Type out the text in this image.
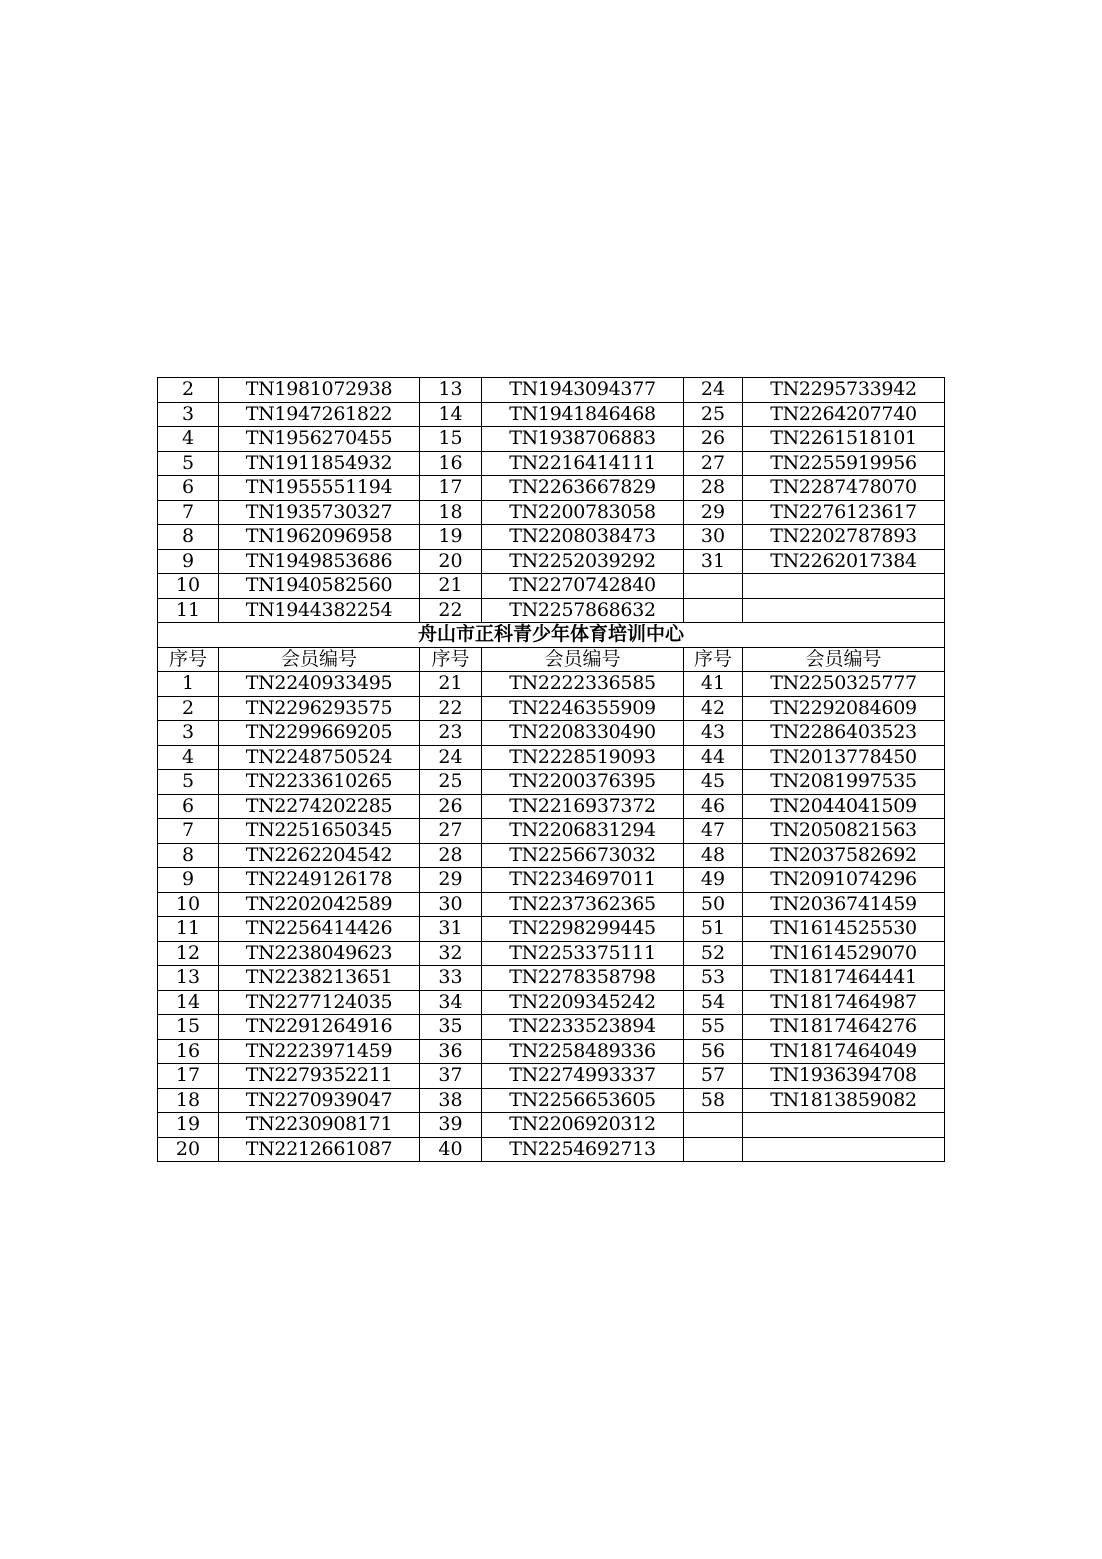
2	TN1981072938	13	TN1943094377	24	TN2295733942
3	TN1947261822	14	TN1941846468	25	TN2264207740
4	TN1956270455	15	TN1938706883	26	TN2261518101
5	TN1911854932	16	TN2216414111	27	TN2255919956
6	TN1955551194	17	TN2263667829	28	TN2287478070
7	TN1935730327	18	TN2200783058	29	TN2276123617
8	TN1962096958	19	TN2208038473	30	TN2202787893
9	TN1949853686	20	TN2252039292	31	TN2262017384
10	TN1940582560	21	TN2270742840		
11	TN1944382254	22	TN2257868632		
舟山市正科青少年体育培训中心					
序号	会员编号	序号	会员编号	序号	会员编号
1	TN2240933495	21	TN2222336585	41	TN2250325777
2	TN2296293575	22	TN2246355909	42	TN2292084609
3	TN2299669205	23	TN2208330490	43	TN2286403523
4	TN2248750524	24	TN2228519093	44	TN2013778450
5	TN2233610265	25	TN2200376395	45	TN2081997535
6	TN2274202285	26	TN2216937372	46	TN2044041509
7	TN2251650345	27	TN2206831294	47	TN2050821563
8	TN2262204542	28	TN2256673032	48	TN2037582692
9	TN2249126178	29	TN2234697011	49	TN2091074296
10	TN2202042589	30	TN2237362365	50	TN2036741459
11	TN2256414426	31	TN2298299445	51	TN1614525530
12	TN2238049623	32	TN2253375111	52	TN1614529070
13	TN2238213651	33	TN2278358798	53	TN1817464441
14	TN2277124035	34	TN2209345242	54	TN1817464987
15	TN2291264916	35	TN2233523894	55	TN1817464276
16	TN2223971459	36	TN2258489336	56	TN1817464049
17	TN2279352211	37	TN2274993337	57	TN1936394708
18	TN2270939047	38	TN2256653605	58	TN1813859082
19	TN2230908171	39	TN2206920312		
20	TN2212661087	40	TN2254692713		
